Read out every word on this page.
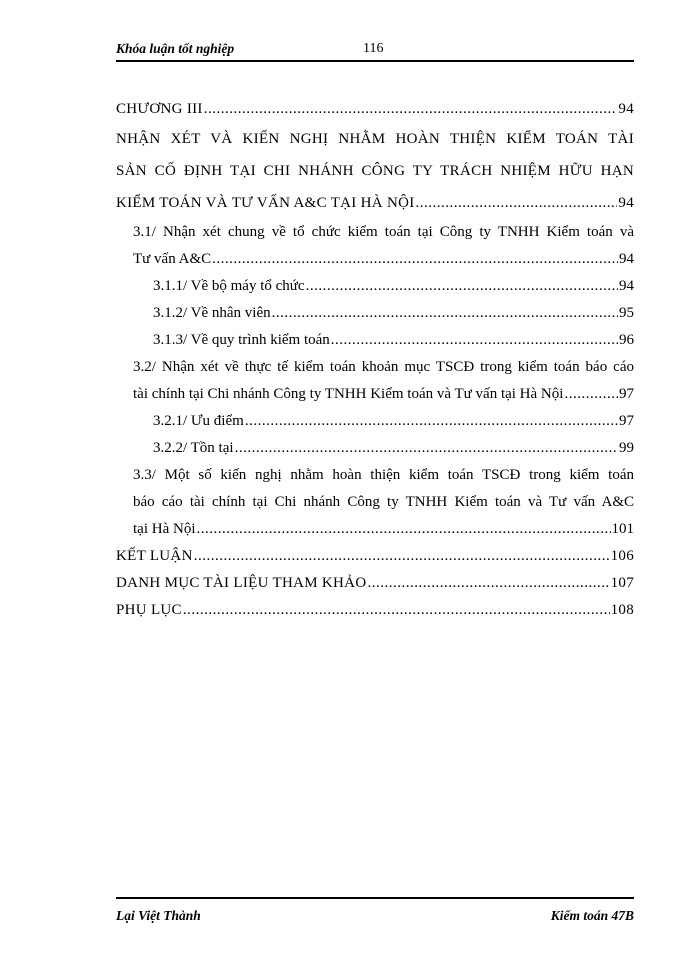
Khóa luận tốt nghiệp	116
CHƯƠNG III .....	94
NHẬN XÉT VÀ KIẾN NGHỊ NHẰM HOÀN THIỆN KIỂM TOÁN TÀI
SẢN CỐ ĐỊNH TẠI CHI NHÁNH CÔNG TY TRÁCH NHIỆM HỮU HẠN
KIỂM TOÁN VÀ TƯ VẤN A&C TẠI HÀ NỘI .....	94
3.1/ Nhận xét chung về tổ chức kiểm toán tại Công ty TNHH Kiểm toán và
Tư vấn A&C .....	94
3.1.1/ Về bộ máy tổ chức .....	94
3.1.2/ Về nhân viên .....	95
3.1.3/ Về quy trình kiểm toán .....	96
3.2/ Nhận xét về thực tế kiểm toán khoản mục TSCĐ trong kiểm toán báo cáo
tài chính tại Chi nhánh Công ty TNHH Kiểm toán và Tư vấn tại Hà Nội .....	97
3.2.1/ Ưu điểm .....	97
3.2.2/ Tồn tại .....	99
3.3/ Một số kiến nghị nhằm hoàn thiện kiểm toán TSCĐ trong kiểm toán
báo cáo tài chính tại Chi nhánh Công ty TNHH Kiểm toán và Tư vấn A&C
tại Hà Nội .....	101
KẾT LUẬN .....	106
DANH MỤC TÀI LIỆU THAM KHẢO .....	107
PHỤ LỤC .....	108
Lại Việt Thành	Kiểm toán 47B
